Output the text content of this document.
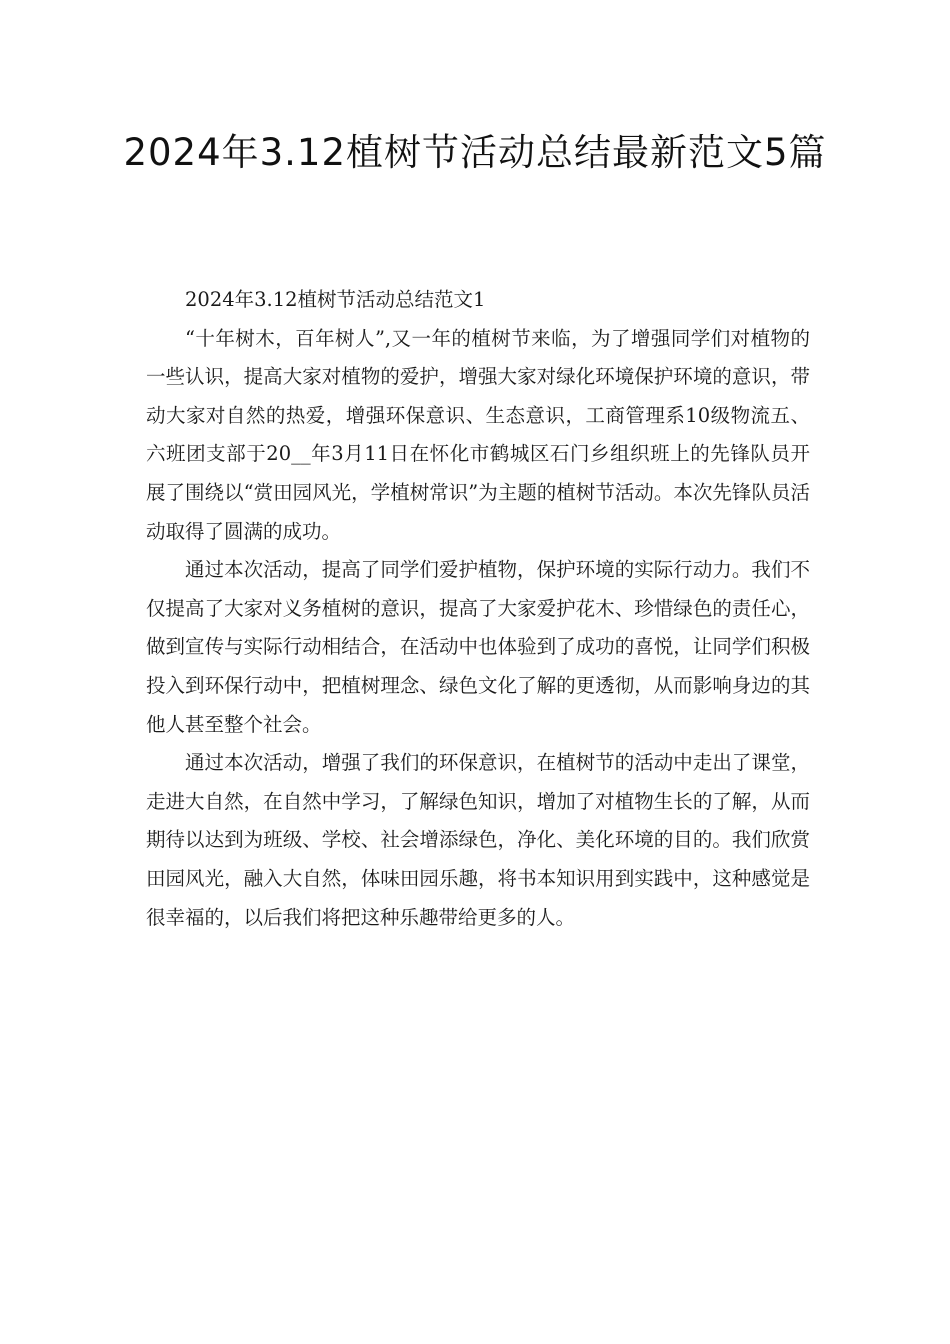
2024年3.12植树节活动总结最新范文5篇

2024年3.12植树节活动总结范文1

“十年树木，百年树人”,又一年的植树节来临，为了增强同学们对植物的一些认识，提高大家对植物的爱护，增强大家对绿化环境保护环境的意识，带动大家对自然的热爱，增强环保意识、生态意识，工商管理系10级物流五、六班团支部于20__年3月11日在怀化市鹤城区石门乡组织班上的先锋队员开展了围绕以“赏田园风光，学植树常识”为主题的植树节活动。本次先锋队员活动取得了圆满的成功。

通过本次活动，提高了同学们爱护植物，保护环境的实际行动力。我们不仅提高了大家对义务植树的意识，提高了大家爱护花木、珍惜绿色的责任心，做到宣传与实际行动相结合，在活动中也体验到了成功的喜悦，让同学们积极投入到环保行动中，把植树理念、绿色文化了解的更透彻，从而影响身边的其他人甚至整个社会。

通过本次活动，增强了我们的环保意识，在植树节的活动中走出了课堂，走进大自然，在自然中学习，了解绿色知识，增加了对植物生长的了解，从而期待以达到为班级、学校、社会增添绿色，净化、美化环境的目的。我们欣赏田园风光，融入大自然，体味田园乐趣，将书本知识用到实践中，这种感觉是很幸福的，以后我们将把这种乐趣带给更多的人。
